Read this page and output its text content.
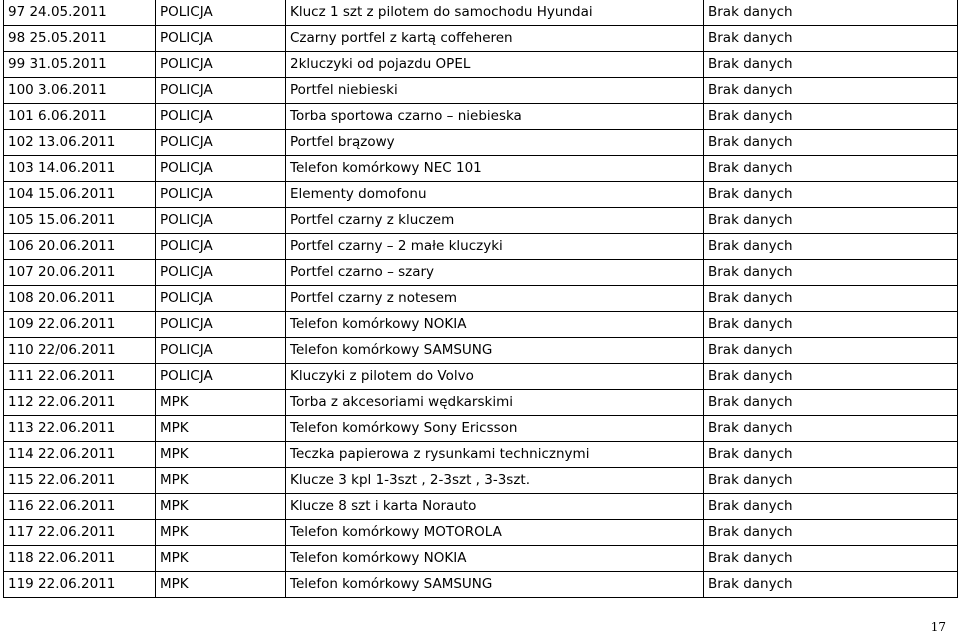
97 24.05.2011	POLICJA	Klucz 1 szt z pilotem do samochodu Hyundai	Brak danych
98 25.05.2011	POLICJA	Czarny portfel z kartą coffeheren	Brak danych
99 31.05.2011	POLICJA	2kluczyki od pojazdu OPEL	Brak danych
100 3.06.2011	POLICJA	Portfel niebieski	Brak danych
101 6.06.2011	POLICJA	Torba sportowa czarno – niebieska	Brak danych
102 13.06.2011	POLICJA	Portfel brązowy	Brak danych
103 14.06.2011	POLICJA	Telefon komórkowy NEC 101	Brak danych
104 15.06.2011	POLICJA	Elementy domofonu	Brak danych
105 15.06.2011	POLICJA	Portfel czarny z kluczem	Brak danych
106 20.06.2011	POLICJA	Portfel czarny – 2 małe kluczyki	Brak danych
107 20.06.2011	POLICJA	Portfel czarno – szary	Brak danych
108 20.06.2011	POLICJA	Portfel czarny z notesem	Brak danych
109 22.06.2011	POLICJA	Telefon komórkowy NOKIA	Brak danych
110 22/06.2011	POLICJA	Telefon komórkowy SAMSUNG	Brak danych
111 22.06.2011	POLICJA	Kluczyki z pilotem do Volvo	Brak danych
112 22.06.2011	MPK	Torba z akcesoriami wędkarskimi	Brak danych
113 22.06.2011	MPK	Telefon komórkowy Sony Ericsson	Brak danych
114 22.06.2011	MPK	Teczka papierowa z rysunkami technicznymi	Brak danych
115 22.06.2011	MPK	Klucze 3 kpl 1-3szt , 2-3szt , 3-3szt.	Brak danych
116 22.06.2011	MPK	Klucze 8 szt i karta Norauto	Brak danych
117 22.06.2011	MPK	Telefon komórkowy MOTOROLA	Brak danych
118 22.06.2011	MPK	Telefon komórkowy NOKIA	Brak danych
119 22.06.2011	MPK	Telefon komórkowy SAMSUNG	Brak danych
17
